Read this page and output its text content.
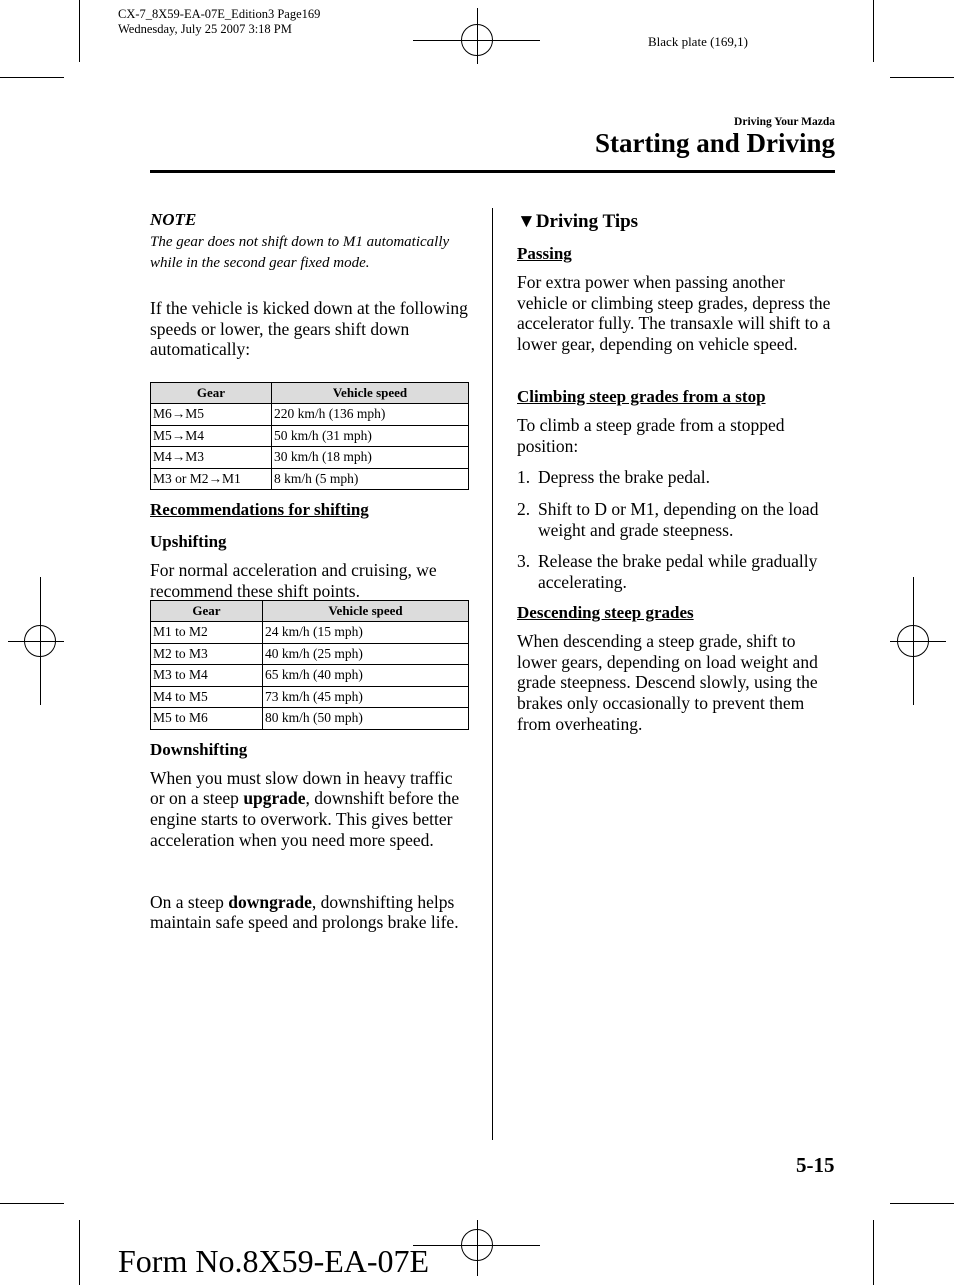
CX-7_8X59-EA-07E_Edition3 Page169
Wednesday, July 25 2007 3:18 PM
Black plate (169,1)
Driving Your Mazda
Starting and Driving

NOTE

The gear does not shift down to M1 automatically while in the second gear fixed mode.

If the vehicle is kicked down at the following speeds or lower, the gears shift down automatically:

Gear	Vehicle speed
M6→M5	220 km/h (136 mph)
M5→M4	50 km/h (31 mph)
M4→M3	30 km/h (18 mph)
M3 or M2→M1	8 km/h (5 mph)

Recommendations for shifting

Upshifting

For normal acceleration and cruising, we recommend these shift points.

Gear	Vehicle speed
M1 to M2	24 km/h (15 mph)
M2 to M3	40 km/h (25 mph)
M3 to M4	65 km/h (40 mph)
M4 to M5	73 km/h (45 mph)
M5 to M6	80 km/h (50 mph)

Downshifting

When you must slow down in heavy traffic or on a steep upgrade, downshift before the engine starts to overwork. This gives better acceleration when you need more speed.

On a steep downgrade, downshifting helps maintain safe speed and prolongs brake life.

▼Driving Tips

Passing

For extra power when passing another vehicle or climbing steep grades, depress the accelerator fully. The transaxle will shift to a lower gear, depending on vehicle speed.

Climbing steep grades from a stop

To climb a steep grade from a stopped position:

1. Depress the brake pedal.
2. Shift to D or M1, depending on the load weight and grade steepness.
3. Release the brake pedal while gradually accelerating.

Descending steep grades

When descending a steep grade, shift to lower gears, depending on load weight and grade steepness. Descend slowly, using the brakes only occasionally to prevent them from overheating.

5-15
Form No.8X59-EA-07E
